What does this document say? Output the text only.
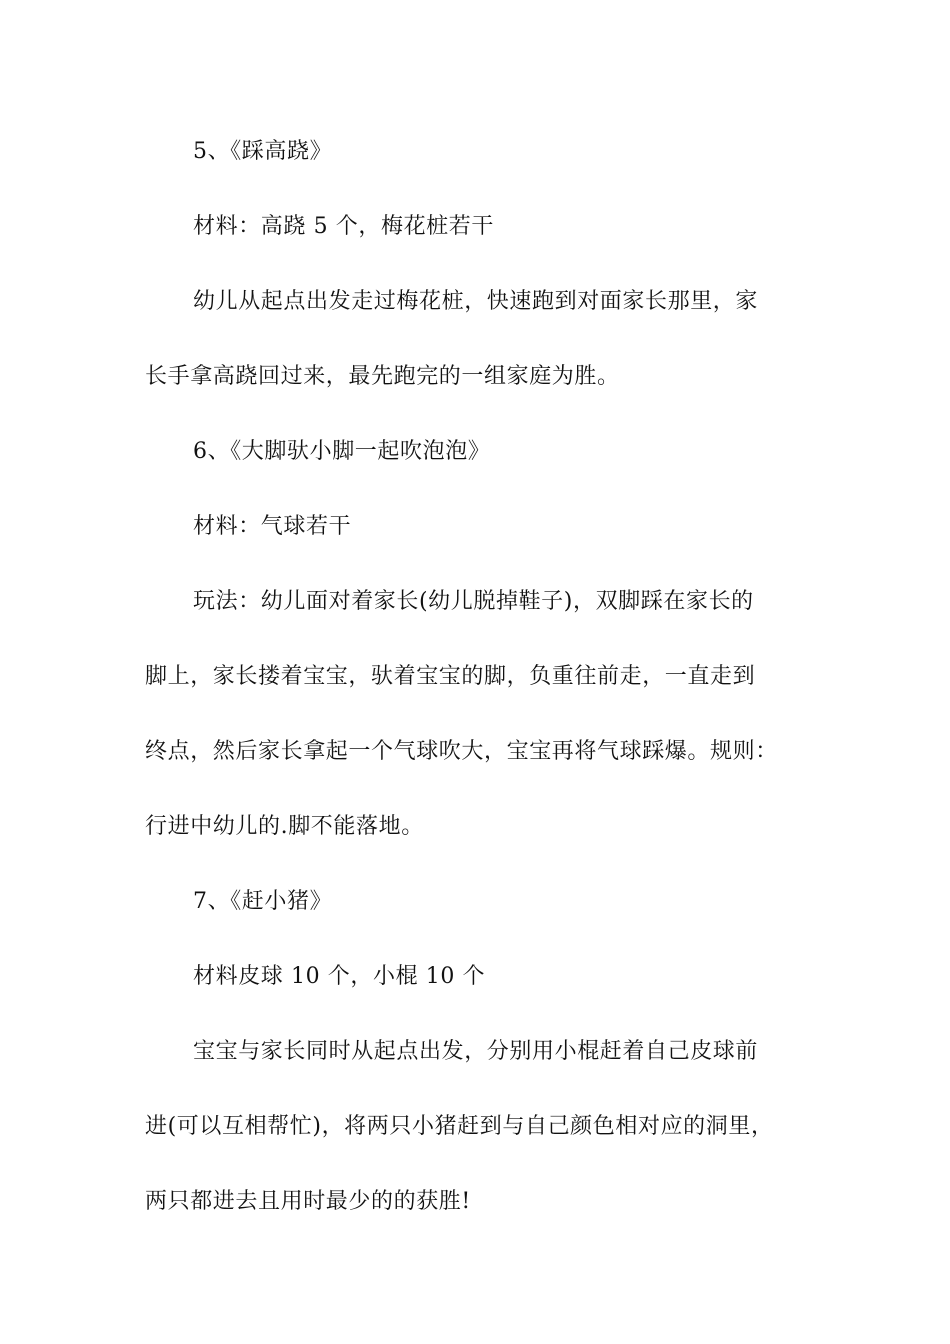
5、《踩高跷》
材料：高跷 5 个，梅花桩若干
幼儿从起点出发走过梅花桩，快速跑到对面家长那里，家
长手拿高跷回过来，最先跑完的一组家庭为胜。
6、《大脚驮小脚一起吹泡泡》
材料：气球若干
玩法：幼儿面对着家长(幼儿脱掉鞋子)，双脚踩在家长的
脚上，家长搂着宝宝，驮着宝宝的脚，负重往前走，一直走到
终点，然后家长拿起一个气球吹大，宝宝再将气球踩爆。规则：
行进中幼儿的.脚不能落地。
7、《赶小猪》
材料皮球 10 个，小棍 10 个
宝宝与家长同时从起点出发，分别用小棍赶着自己皮球前
进(可以互相帮忙)，将两只小猪赶到与自己颜色相对应的洞里，
两只都进去且用时最少的的获胜!
